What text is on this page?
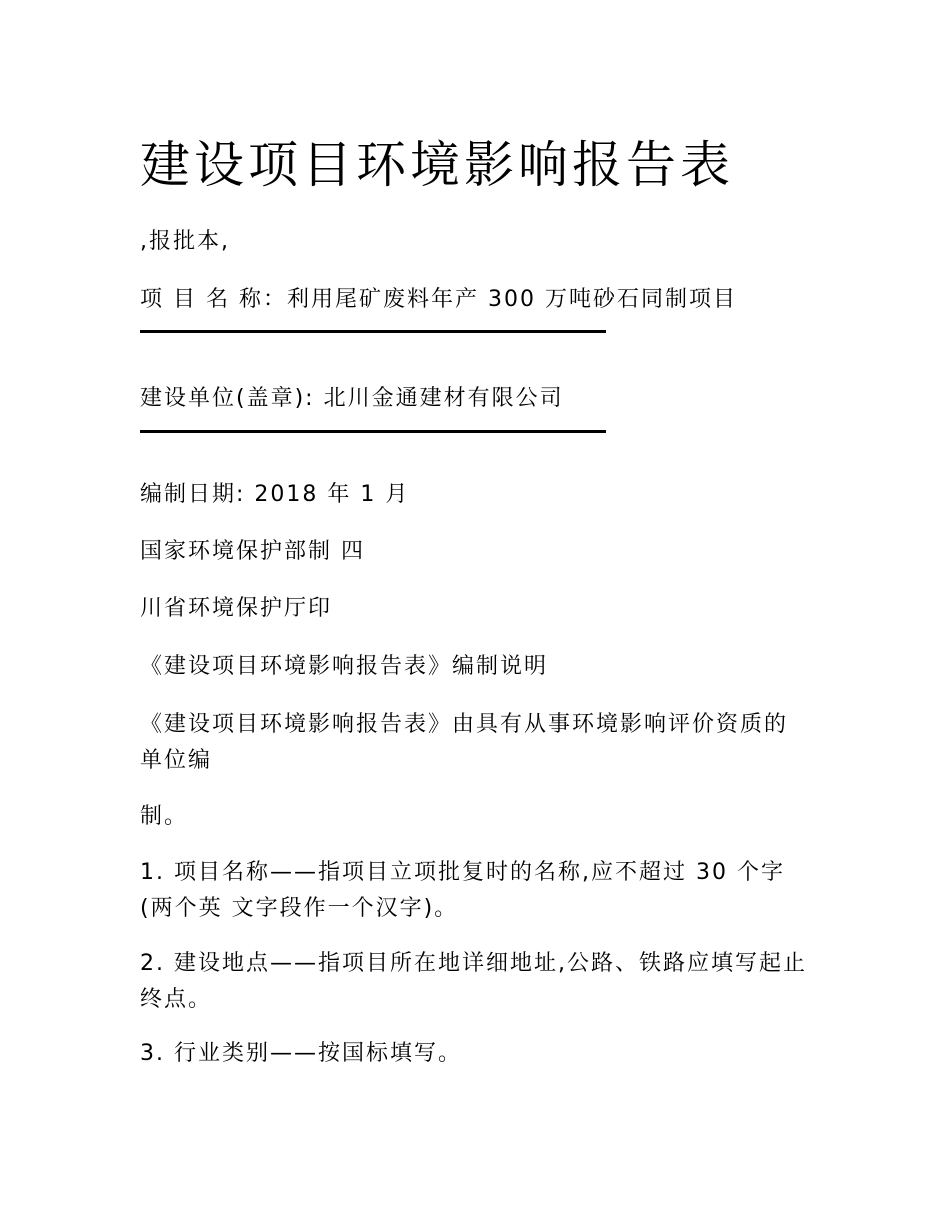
建设项目环境影响报告表
,报批本,
项 目 名 称：利用尾矿废料年产 300 万吨砂石同制项目
建设单位(盖章): 北川金通建材有限公司
编制日期: 2018 年 1 月
国家环境保护部制 四
川省环境保护厅印
《建设项目环境影响报告表》编制说明
《建设项目环境影响报告表》由具有从事环境影响评价资质的单位编
制。
1. 项目名称——指项目立项批复时的名称,应不超过 30 个字(两个英 文字段作一个汉字)。
2. 建设地点——指项目所在地详细地址,公路、铁路应填写起止终点。
3. 行业类别——按国标填写。
